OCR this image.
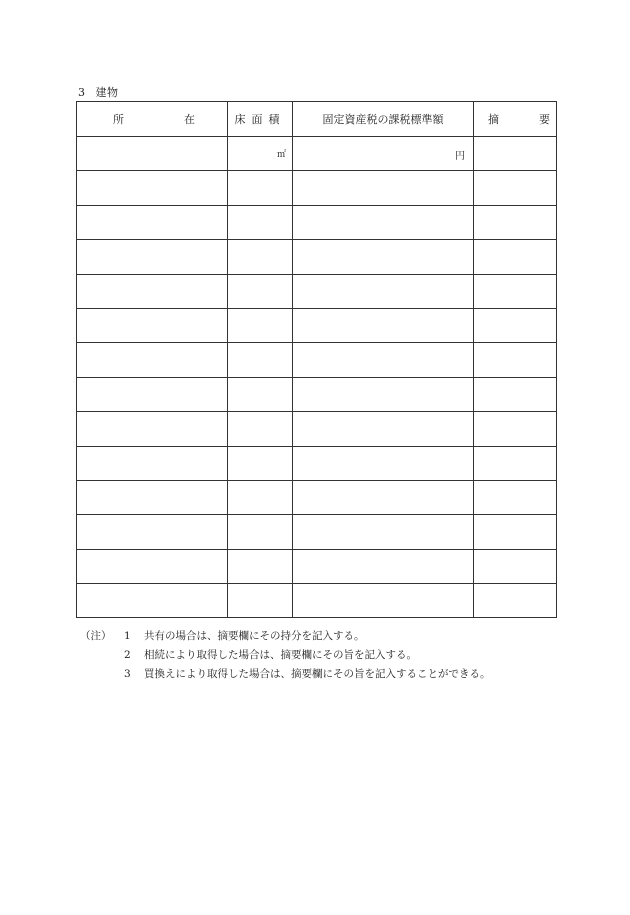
3 建物
所 在	床面積	固定資産税の課税標準額	摘 要
	㎡	円	

（注）	1	共有の場合は、摘要欄にその持分を記入する。
2	相続により取得した場合は、摘要欄にその旨を記入する。
3	買換えにより取得した場合は、摘要欄にその旨を記入することができる。
